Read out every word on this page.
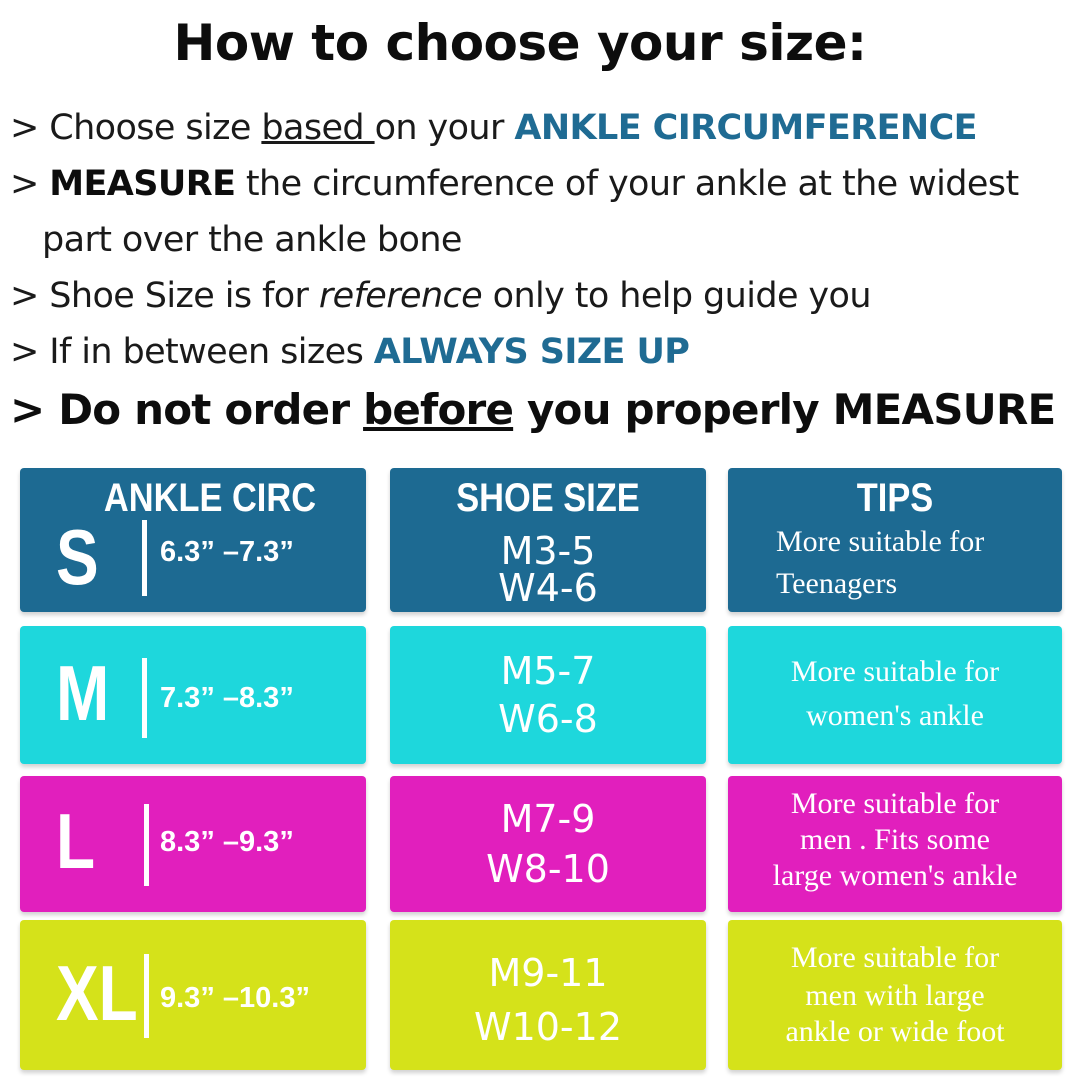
How to choose your size:
> Choose size based on your ANKLE CIRCUMFERENCE
> MEASURE the circumference of your ankle at the widest
part over the ankle bone
> Shoe Size is for reference only to help guide you
> If in between sizes ALWAYS SIZE UP
> Do not order before you properly MEASURE
ANKLE CIRC
S 6.3” –7.3”
SHOE SIZE
M3-5
W4-6
TIPS
More suitable for
Teenagers
M 7.3” –8.3”
M5-7
W6-8
More suitable for
women's ankle
L 8.3” –9.3”
M7-9
W8-10
More suitable for
men . Fits some
large women's ankle
XL 9.3” –10.3”
M9-11
W10-12
More suitable for
men with large
ankle or wide foot
